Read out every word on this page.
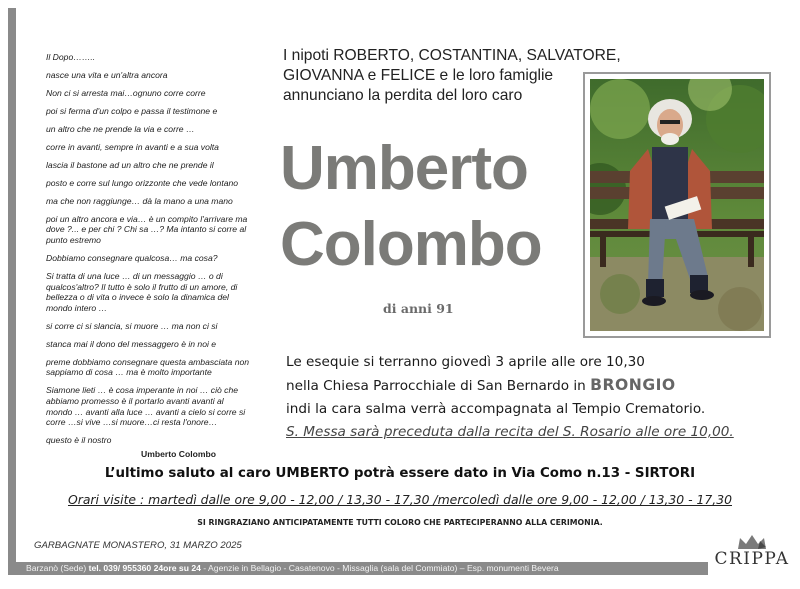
Barzanò (Sede) tel. 039/ 955360 24ore su 24 - Agenzie in Bellagio - Casatenovo - Missaglia (sala del Commiato) – Esp. monumenti Bevera

Il Dopo……..

nasce una vita e un'altra ancora

Non ci si arresta mai…ognuno corre corre

poi si ferma d'un colpo e passa il testimone e

un altro che ne prende la via e corre …

corre in avanti, sempre in avanti e a sua volta

lascia il bastone ad un altro che ne prende il

posto e corre sul lungo orizzonte che vede lontano

ma che non raggiunge… dà la mano a una mano

poi un altro ancora e via… è un compito l'arrivare ma dove ?... e per chi ? Chi sa …? Ma intanto si corre al punto estremo

Dobbiamo consegnare qualcosa… ma cosa?

Si tratta di una luce … di un messaggio … o di qualcos'altro? Il tutto è solo il frutto di un amore, di bellezza o di vita o invece è solo la dinamica del mondo intero …

si corre ci si slancia, si muore … ma non ci si

stanca mai il dono del messaggero è in noi e

preme dobbiamo consegnare questa ambasciata non sappiamo di cosa … ma è molto importante

Siamone lieti … è cosa imperante in noi … ciò che abbiamo promesso è il portarlo avanti avanti al mondo … avanti alla luce … avanti a cielo si corre si corre …si vive …si muore…ci resta l'onore…

questo è il nostro

Umberto Colombo

I nipoti ROBERTO, COSTANTINA, SALVATORE,
GIOVANNA e FELICE e le loro famiglie
annunciano la perdita del loro caro
Umberto
Colombo
di anni 91
Le esequie si terranno giovedì 3 aprile alle ore 10,30
nella Chiesa Parrocchiale di San Bernardo in BRONGIO
indi la cara salma verrà accompagnata al Tempio Crematorio.
S. Messa sarà preceduta dalla recita del S. Rosario alle ore 10,00.
L’ultimo saluto al caro UMBERTO potrà essere dato in Via Como n.13 - SIRTORI
Orari visite : martedì dalle ore 9,00 - 12,00 / 13,30 - 17,30 /mercoledì dalle ore 9,00 - 12,00 / 13,30 - 17,30
SI RINGRAZIANO ANTICIPATAMENTE TUTTI COLORO CHE PARTECIPERANNO ALLA CERIMONIA.
GARBAGNATE MONASTERO, 31 MARZO 2025
CRIPPA
